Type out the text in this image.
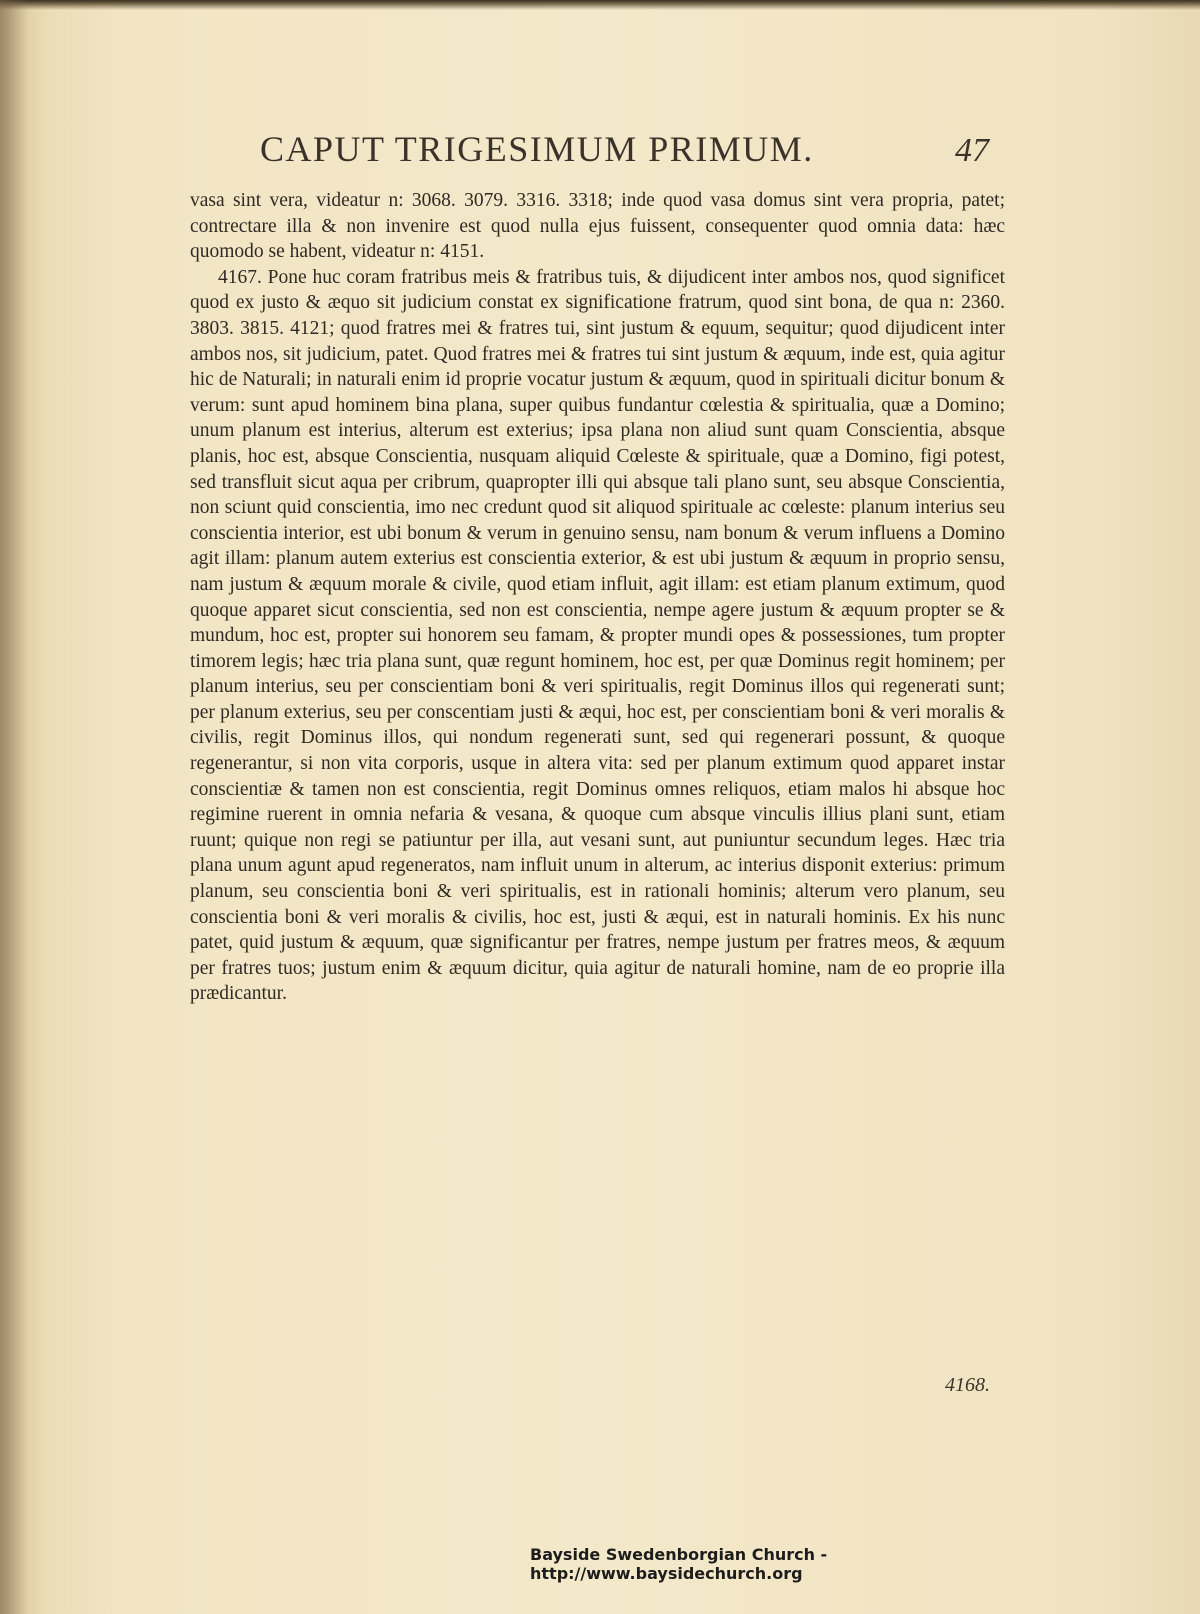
CAPUT TRIGESIMUM PRIMUM.	47

vasa sint vera, videatur n: 3068. 3079. 3316. 3318; inde quod vasa domus sint vera propria, patet; contrectare illa & non invenire est quod nulla ejus fuissent, consequenter quod omnia data: hæc quomodo se habent, videatur n: 4151.

4167. Pone huc coram fratribus meis & fratribus tuis, & dijudicent inter ambos nos, quod significet quod ex justo & æquo sit judicium constat ex significatione fratrum, quod sint bona, de qua n: 2360. 3803. 3815. 4121; quod fratres mei & fratres tui, sint justum & equum, sequitur; quod dijudicent inter ambos nos, sit judicium, patet. Quod fratres mei & fratres tui sint justum & æquum, inde est, quia agitur hic de Naturali; in naturali enim id proprie vocatur justum & æquum, quod in spirituali dicitur bonum & verum: sunt apud hominem bina plana, super quibus fundantur cœlestia & spiritualia, quæ a Domino; unum planum est interius, alterum est exterius; ipsa plana non aliud sunt quam Conscientia, absque planis, hoc est, absque Conscientia, nusquam aliquid Cœleste & spirituale, quæ a Domino, figi potest, sed transfluit sicut aqua per cribrum, quapropter illi qui absque tali plano sunt, seu absque Conscientia, non sciunt quid conscientia, imo nec credunt quod sit aliquod spirituale ac cœleste: planum interius seu conscientia interior, est ubi bonum & verum in genuino sensu, nam bonum & verum influens a Domino agit illam: planum autem exterius est conscientia exterior, & est ubi justum & æquum in proprio sensu, nam justum & æquum morale & civile, quod etiam influit, agit illam: est etiam planum extimum, quod quoque apparet sicut conscientia, sed non est conscientia, nempe agere justum & æquum propter se & mundum, hoc est, propter sui honorem seu famam, & propter mundi opes & possessiones, tum propter timorem legis; hæc tria plana sunt, quæ regunt hominem, hoc est, per quæ Dominus regit hominem; per planum interius, seu per conscientiam boni & veri spiritualis, regit Dominus illos qui regenerati sunt; per planum exterius, seu per conscentiam justi & æqui, hoc est, per conscientiam boni & veri moralis & civilis, regit Dominus illos, qui nondum regenerati sunt, sed qui regenerari possunt, & quoque regenerantur, si non vita corporis, usque in altera vita: sed per planum extimum quod apparet instar conscientiæ & tamen non est conscientia, regit Dominus omnes reliquos, etiam malos hi absque hoc regimine ruerent in omnia nefaria & vesana, & quoque cum absque vinculis illius plani sunt, etiam ruunt; quique non regi se patiuntur per illa, aut vesani sunt, aut puniuntur secundum leges. Hæc tria plana unum agunt apud regeneratos, nam influit unum in alterum, ac interius disponit exterius: primum planum, seu conscientia boni & veri spiritualis, est in rationali hominis; alterum vero planum, seu conscientia boni & veri moralis & civilis, hoc est, justi & æqui, est in naturali hominis. Ex his nunc patet, quid justum & æquum, quæ significantur per fratres, nempe justum per fratres meos, & æquum per fratres tuos; justum enim & æquum dicitur, quia agitur de naturali homine, nam de eo proprie illa prædicantur.

4168.
Bayside Swedenborgian Church - http://www.baysidechurch.org
